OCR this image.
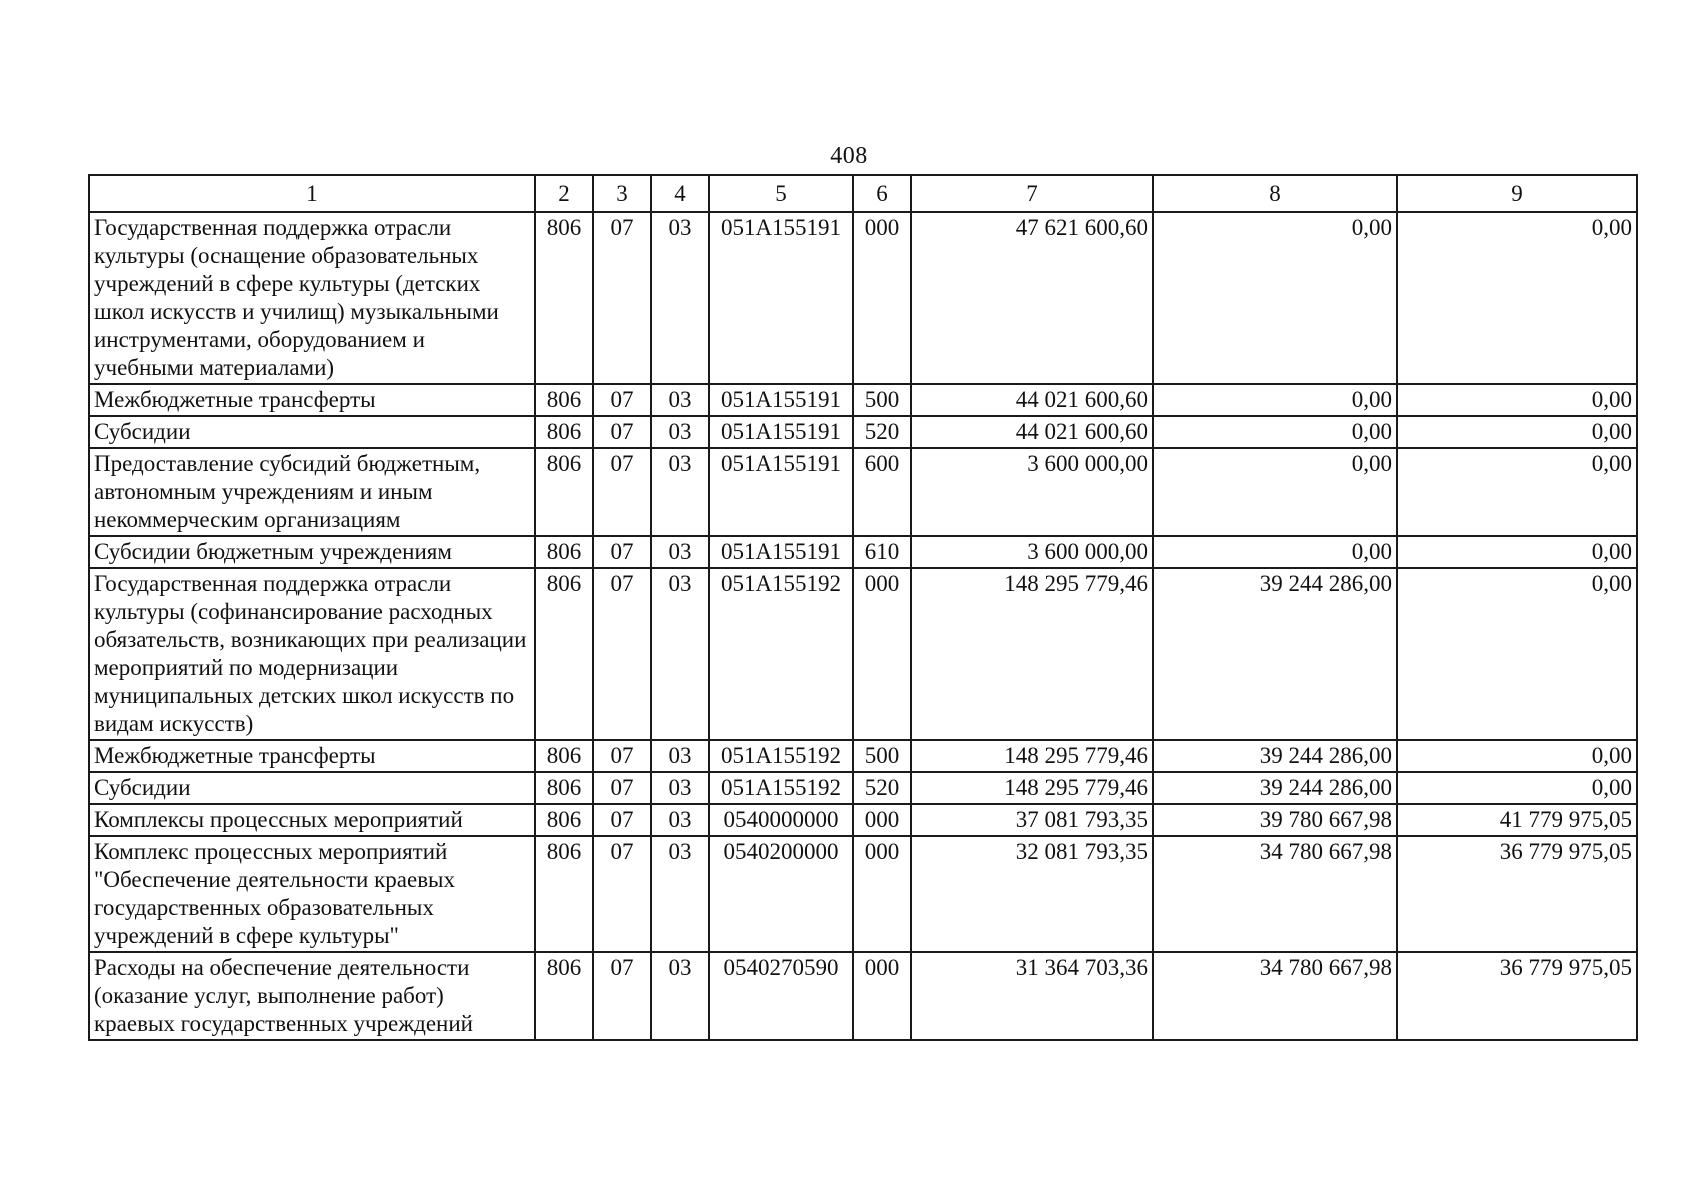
408
1	2	3	4	5	6	7	8	9
Государственная поддержка отрасли культуры (оснащение образовательных учреждений в сфере культуры (детских школ искусств и училищ) музыкальными инструментами, оборудованием и учебными материалами)	806	07	03	051A155191	000	47 621 600,60	0,00	0,00
Межбюджетные трансферты	806	07	03	051A155191	500	44 021 600,60	0,00	0,00
Субсидии	806	07	03	051A155191	520	44 021 600,60	0,00	0,00
Предоставление субсидий бюджетным, автономным учреждениям и иным некоммерческим организациям	806	07	03	051A155191	600	3 600 000,00	0,00	0,00
Субсидии бюджетным учреждениям	806	07	03	051A155191	610	3 600 000,00	0,00	0,00
Государственная поддержка отрасли культуры (софинансирование расходных обязательств, возникающих при реализации мероприятий по модернизации муниципальных детских школ искусств по видам искусств)	806	07	03	051A155192	000	148 295 779,46	39 244 286,00	0,00
Межбюджетные трансферты	806	07	03	051A155192	500	148 295 779,46	39 244 286,00	0,00
Субсидии	806	07	03	051A155192	520	148 295 779,46	39 244 286,00	0,00
Комплексы процессных мероприятий	806	07	03	0540000000	000	37 081 793,35	39 780 667,98	41 779 975,05
Комплекс процессных мероприятий "Обеспечение деятельности краевых государственных образовательных учреждений в сфере культуры"	806	07	03	0540200000	000	32 081 793,35	34 780 667,98	36 779 975,05
Расходы на обеспечение деятельности (оказание услуг, выполнение работ) краевых государственных учреждений	806	07	03	0540270590	000	31 364 703,36	34 780 667,98	36 779 975,05
